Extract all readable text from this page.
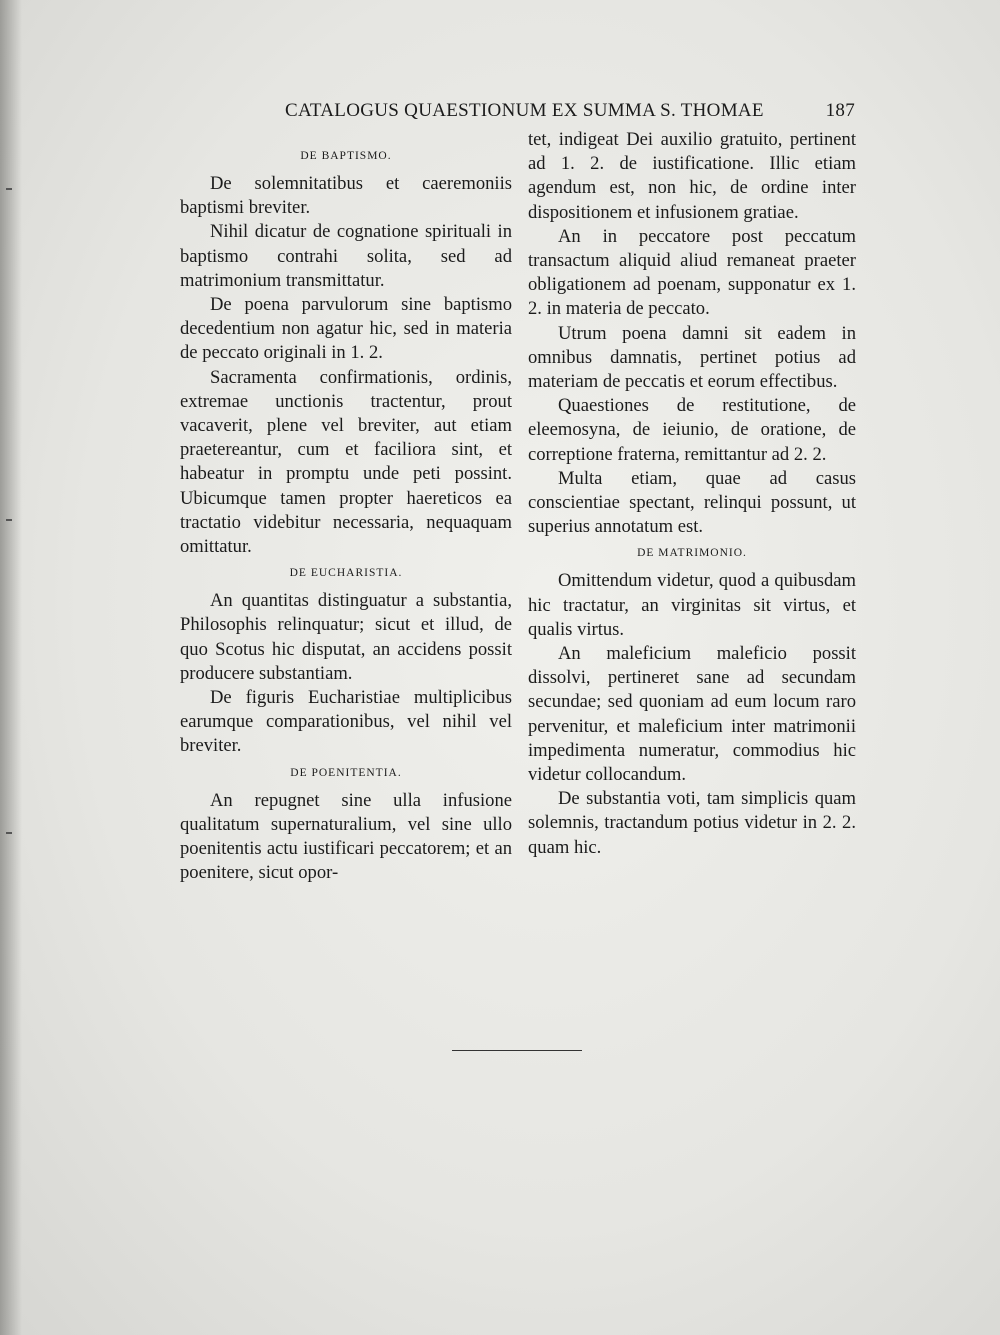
CATALOGUS QUAESTIONUM EX SUMMA S. THOMAE	187
DE BAPTISMO.

De solemnitatibus et caeremoniis baptismi breviter.

Nihil dicatur de cognatione spirituali in baptismo contrahi solita, sed ad matrimonium transmittatur.

De poena parvulorum sine baptismo decedentium non agatur hic, sed in materia de peccato originali in 1. 2.

Sacramenta confirmationis, ordinis, extremae unctionis tractentur, prout vacaverit, plene vel breviter, aut etiam praetereantur, cum et faciliora sint, et habeatur in promptu unde peti possint. Ubicumque tamen propter haereticos ea tractatio videbitur necessaria, nequaquam omittatur.

DE EUCHARISTIA.

An quantitas distinguatur a substantia, Philosophis relinquatur; sicut et illud, de quo Scotus hic disputat, an accidens possit producere substantiam.

De figuris Eucharistiae multiplicibus earumque comparationibus, vel nihil vel breviter.

DE POENITENTIA.

An repugnet sine ulla infusione qualitatum supernaturalium, vel sine ullo poenitentis actu iustificari peccatorem; et an poenitere, sicut opor-

tet, indigeat Dei auxilio gratuito, pertinent ad 1. 2. de iustificatione. Illic etiam agendum est, non hic, de ordine inter dispositionem et infusionem gratiae.

An in peccatore post peccatum transactum aliquid aliud remaneat praeter obligationem ad poenam, supponatur ex 1. 2. in materia de peccato.

Utrum poena damni sit eadem in omnibus damnatis, pertinet potius ad materiam de peccatis et eorum effectibus.

Quaestiones de restitutione, de eleemosyna, de ieiunio, de oratione, de correptione fraterna, remittantur ad 2. 2.

Multa etiam, quae ad casus conscientiae spectant, relinqui possunt, ut superius annotatum est.

DE MATRIMONIO.

Omittendum videtur, quod a quibusdam hic tractatur, an virginitas sit virtus, et qualis virtus.

An maleficium maleficio possit dissolvi, pertineret sane ad secundam secundae; sed quoniam ad eum locum raro pervenitur, et maleficium inter matrimonii impedimenta numeratur, commodius hic videtur collocandum.

De substantia voti, tam simplicis quam solemnis, tractandum potius videtur in 2. 2. quam hic.
